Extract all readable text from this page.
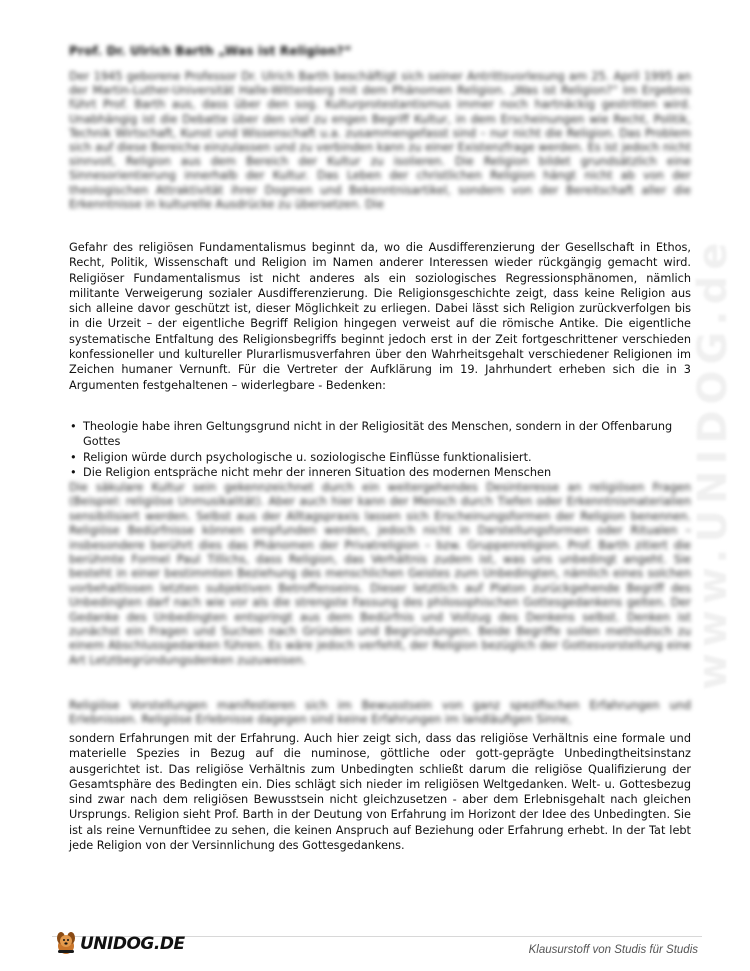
www.UNIDOG.de
Prof. Dr. Ulrich Barth „Was ist Religion?“
Der 1945 geborene Professor Dr. Ulrich Barth beschäftigt sich seiner Antrittsvorlesung am 25. April 1995 an der Martin-Luther-Universität Halle-Wittenberg mit dem Phänomen Religion. „Was ist Religion?“ Im Ergebnis führt Prof. Barth aus, dass über den sog. Kulturprotestantismus immer noch hartnäckig gestritten wird. Unabhängig ist die Debatte über den viel zu engen Begriff Kultur, in dem Erscheinungen wie Recht, Politik, Technik Wirtschaft, Kunst und Wissenschaft u.a. zusammengefasst sind – nur nicht die Religion. Das Problem sich auf diese Bereiche einzulassen und zu verbinden kann zu einer Existenzfrage werden. Es ist jedoch nicht sinnvoll, Religion aus dem Bereich der Kultur zu isolieren. Die Religion bildet grundsätzlich eine Sinnesorientierung innerhalb der Kultur. Das Leben der christlichen Religion hängt nicht ab von der theologischen Attraktivität ihrer Dogmen und Bekenntnisartikel, sondern von der Bereitschaft aller die Erkenntnisse in kulturelle Ausdrücke zu übersetzen. Die
Gefahr des religiösen Fundamentalismus beginnt da, wo die Ausdifferenzierung der Gesellschaft in Ethos, Recht, Politik, Wissenschaft und Religion im Namen anderer Interessen wieder rückgängig gemacht wird. Religiöser Fundamentalismus ist nicht anderes als ein soziologisches Regressionsphänomen, nämlich militante Verweigerung sozialer Ausdifferenzierung. Die Religionsgeschichte zeigt, dass keine Religion aus sich alleine davor geschützt ist, dieser Möglichkeit zu erliegen. Dabei lässt sich Religion zurückverfolgen bis in die Urzeit – der eigentliche Begriff Religion hingegen verweist auf die römische Antike. Die eigentliche systematische Entfaltung des Religionsbegriffs beginnt jedoch erst in der Zeit fortgeschrittener verschieden konfessioneller und kultureller Plurarlismusverfahren über den Wahrheitsgehalt verschiedener Religionen im Zeichen humaner Vernunft. Für die Vertreter der Aufklärung im 19. Jahrhundert erheben sich die in 3 Argumenten festgehaltenen – widerlegbare - Bedenken:
• Theologie habe ihren Geltungsgrund nicht in der Religiosität des Menschen, sondern in der Offenbarung Gottes
• Religion würde durch psychologische u. soziologische Einflüsse funktionalisiert.
• Die Religion entspräche nicht mehr der inneren Situation des modernen Menschen
Die säkulare Kultur sein gekennzeichnet durch ein weitergehendes Desinteresse an religiösen Fragen (Beispiel: religiöse Unmusikalität). Aber auch hier kann der Mensch durch Tiefen oder Erkenntnismaterialien sensibilisiert werden. Selbst aus der Alltagspraxis lassen sich Erscheinungsformen der Religion benennen. Religiöse Bedürfnisse können empfunden werden, jedoch nicht in Darstellungsformen oder Ritualen – insbesondere berührt dies das Phänomen der Privatreligion – bzw. Gruppenreligion. Prof. Barth zitiert die berühmte Formel Paul Tillichs, dass Religion, das Verhältnis zudem ist, was uns unbedingt angeht. Sie besteht in einer bestimmten Beziehung des menschlichen Geistes zum Unbedingten, nämlich eines solchen vorbehaltlosen letzten subjektiven Betroffenseins. Dieser letztlich auf Platon zurückgehende Begriff des Unbedingten darf nach wie vor als die strengste Fassung des philosophischen Gottesgedankens gelten. Der Gedanke des Unbedingten entspringt aus dem Bedürfnis und Vollzug des Denkens selbst. Denken ist zunächst ein Fragen und Suchen nach Gründen und Begründungen. Beide Begriffe sollen methodisch zu einem Abschlussgedanken führen. Es wäre jedoch verfehlt, der Religion bezüglich der Gottesvorstellung eine Art Letztbegründungsdenken zuzuweisen.
Religiöse Vorstellungen manifestieren sich im Bewusstsein von ganz spezifischen Erfahrungen und Erlebnissen. Religiöse Erlebnisse dagegen sind keine Erfahrungen im landläufigen Sinne,
sondern Erfahrungen mit der Erfahrung. Auch hier zeigt sich, dass das religiöse Verhältnis eine formale und materielle Spezies in Bezug auf die numinose, göttliche oder gott-geprägte Unbedingtheitsinstanz ausgerichtet ist. Das religiöse Verhältnis zum Unbedingten schließt darum die religiöse Qualifizierung der Gesamtsphäre des Bedingten ein. Dies schlägt sich nieder im religiösen Weltgedanken. Welt- u. Gottesbezug sind zwar nach dem religiösen Bewusstsein nicht gleichzusetzen - aber dem Erlebnisgehalt nach gleichen Ursprungs. Religion sieht Prof. Barth in der Deutung von Erfahrung im Horizont der Idee des Unbedingten. Sie ist als reine Vernunftidee zu sehen, die keinen Anspruch auf Beziehung oder Erfahrung erhebt. In der Tat lebt jede Religion von der Versinnlichung des Gottesgedankens.
UNIDOG.DE	Klausurstoff von Studis für Studis
